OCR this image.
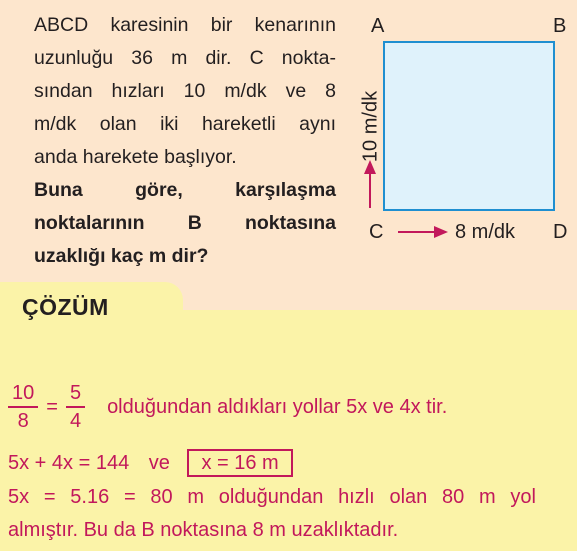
ABCD karesinin bir kenarının
uzunluğu 36 m dir. C nokta-
sından hızları 10 m/dk ve 8
m/dk olan iki hareketli aynı
anda harekete başlıyor.
Buna göre, karşılaşma
noktalarının B noktasına
uzaklığı kaç m dir?
A	B
C	D
8 m/dk
10 m/dk
ÇÖZÜM
$\frac{10}{8} = \frac{5}{4}$ olduğundan aldıkları yollar 5x ve 4x tir.
5x + 4x = 144 ve x = 16 m
5x = 5.16 = 80 m olduğundan hızlı olan 80 m yol
almıştır. Bu da B noktasına 8 m uzaklıktadır.
